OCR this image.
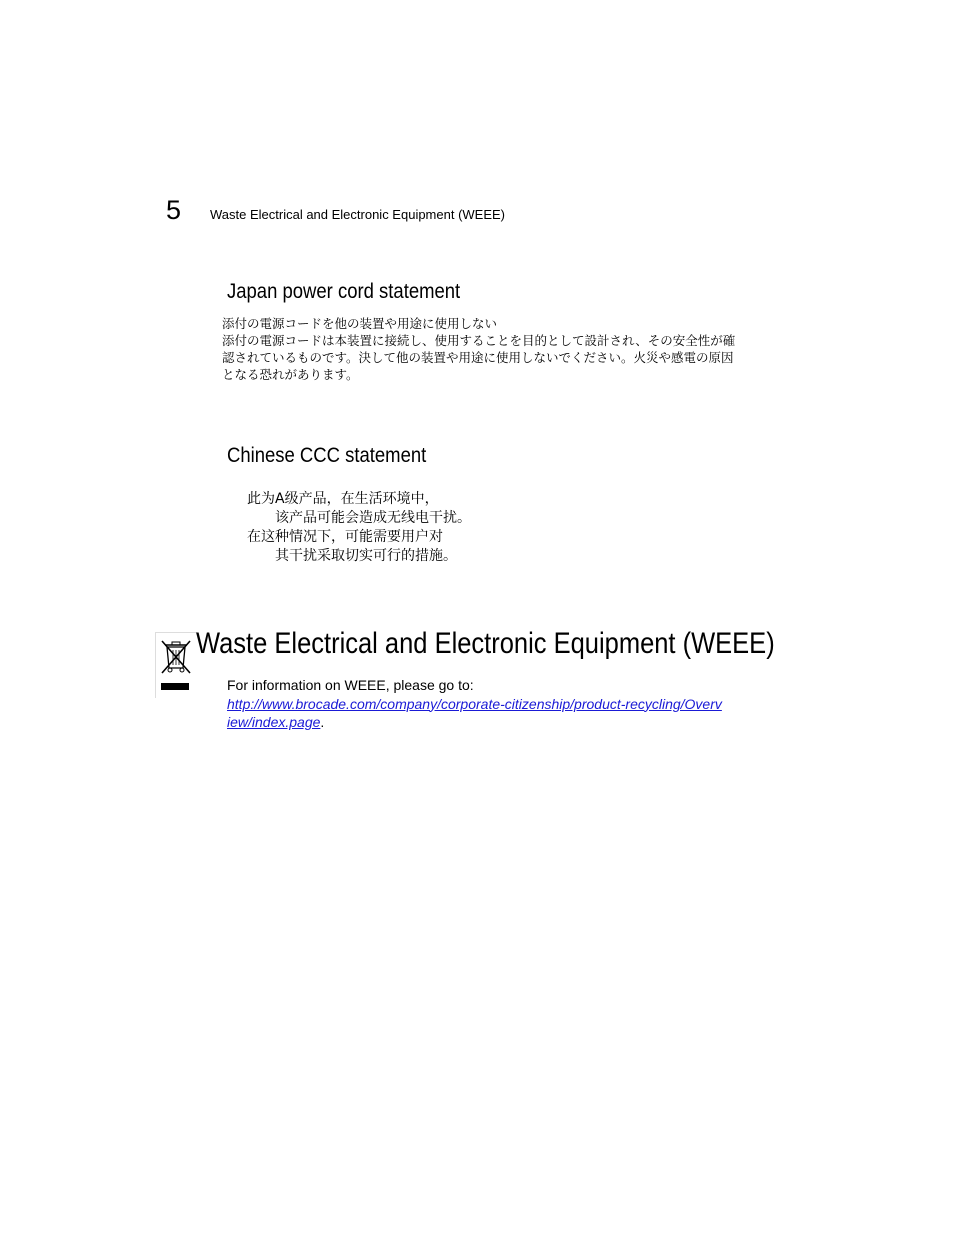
5 Waste Electrical and Electronic Equipment (WEEE)
Japan power cord statement
添付の電源コードを他の装置や用途に使用しない
添付の電源コードは本装置に接続し、使用することを目的として設計され、その安全性が確
認されているものです。決して他の装置や用途に使用しないでください。火災や感電の原因
となる恐れがあります。
Chinese CCC statement
此为A级产品，在生活环境中，
该产品可能会造成无线电干扰。
在这种情况下，可能需要用户对
其干扰采取切实可行的措施。
Waste Electrical and Electronic Equipment (WEEE)
For information on WEEE, please go to:
http://www.brocade.com/company/corporate-citizenship/product-recycling/Overv
iew/index.page.
